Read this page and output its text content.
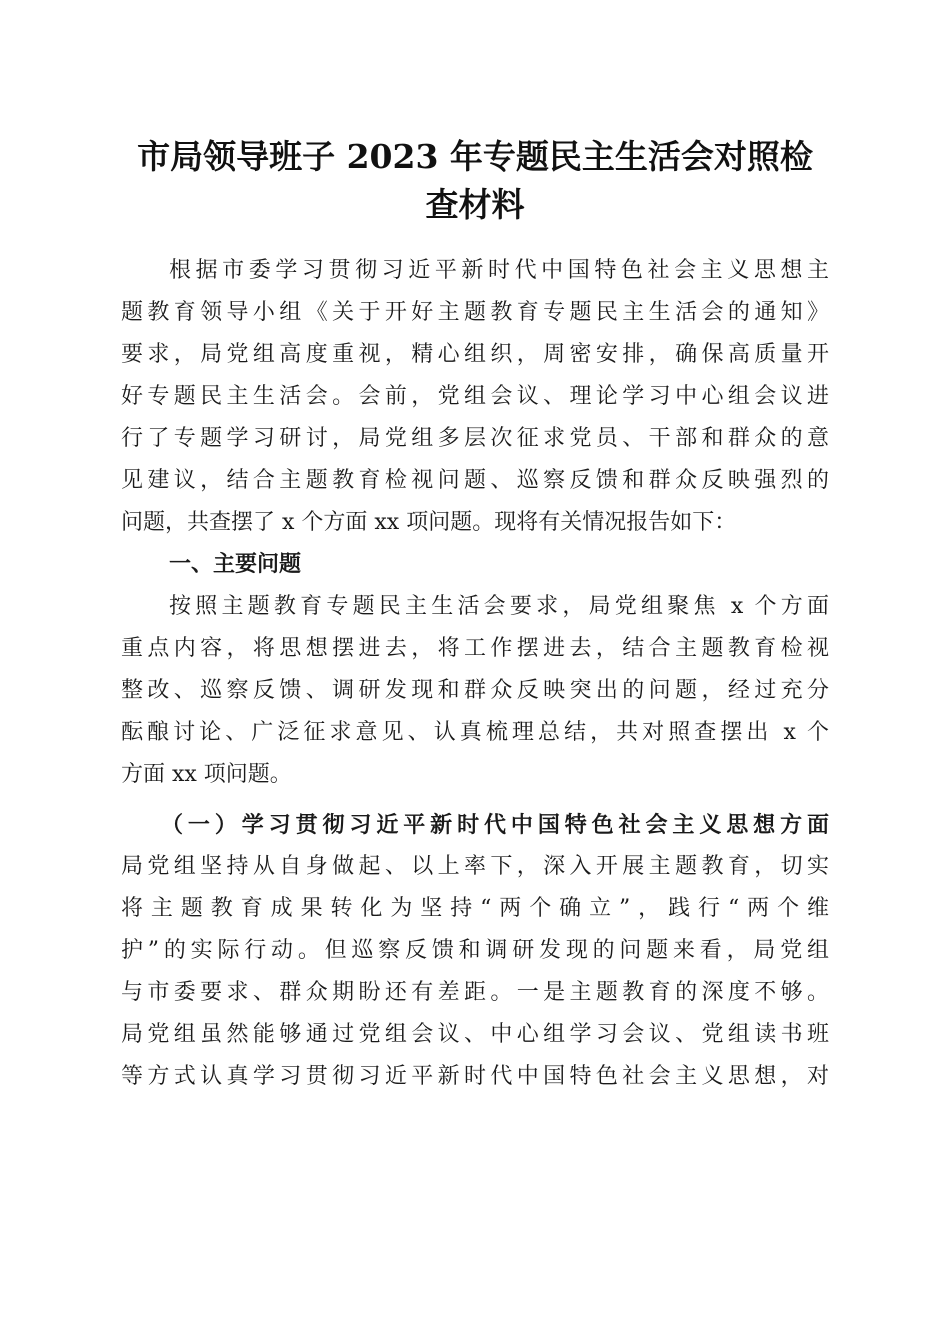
市局领导班子 2023 年专题民主生活会对照检
查材料
根据市委学习贯彻习近平新时代中国特色社会主义思想主
题教育领导小组《关于开好主题教育专题民主生活会的通知》
要求，局党组高度重视，精心组织，周密安排，确保高质量开
好专题民主生活会。会前，党组会议、理论学习中心组会议进
行了专题学习研讨，局党组多层次征求党员、干部和群众的意
见建议，结合主题教育检视问题、巡察反馈和群众反映强烈的
问题，共查摆了 x 个方面 xx 项问题。现将有关情况报告如下：
一、主要问题
按照主题教育专题民主生活会要求，局党组聚焦 x 个方面
重点内容，将思想摆进去，将工作摆进去，结合主题教育检视
整改、巡察反馈、调研发现和群众反映突出的问题，经过充分
酝酿讨论、广泛征求意见、认真梳理总结，共对照查摆出 x 个
方面 xx 项问题。
（一）学习贯彻习近平新时代中国特色社会主义思想方面
局党组坚持从自身做起、以上率下，深入开展主题教育，切实
将主题教育成果转化为坚持“两个确立”，践行“两个维
护”的实际行动。但巡察反馈和调研发现的问题来看，局党组
与市委要求、群众期盼还有差距。一是主题教育的深度不够。
局党组虽然能够通过党组会议、中心组学习会议、党组读书班
等方式认真学习贯彻习近平新时代中国特色社会主义思想，对
